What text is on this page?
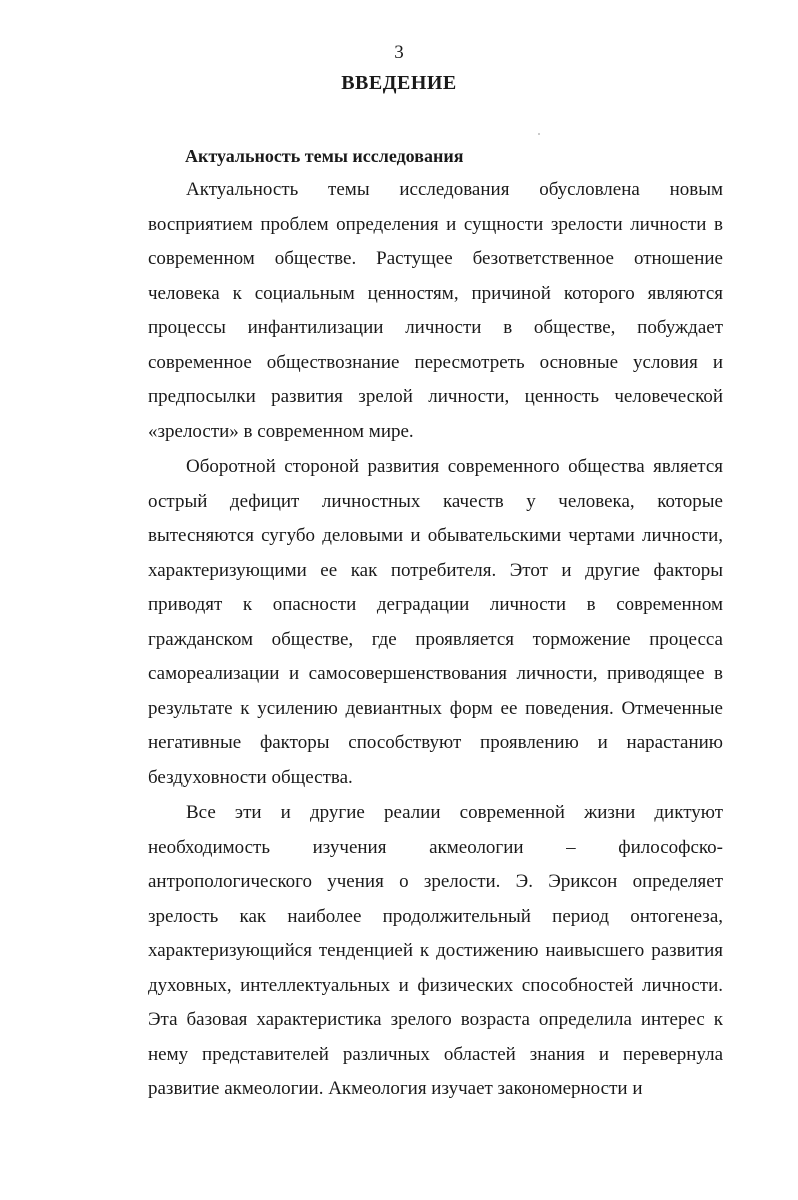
3
ВВЕДЕНИЕ
Актуальность темы исследования

Актуальность темы исследования обусловлена новым восприятием проблем определения и сущности зрелости личности в современном обществе. Растущее безответственное отношение человека к социальным ценностям, причиной которого являются процессы инфантилизации личности в обществе, побуждает современное обществознание пересмотреть основные условия и предпосылки развития зрелой личности, ценность человеческой «зрелости» в современном мире.

Оборотной стороной развития современного общества является острый дефицит личностных качеств у человека, которые вытесняются сугубо деловыми и обывательскими чертами личности, характеризующими ее как потребителя. Этот и другие факторы приводят к опасности деградации личности в современном гражданском обществе, где проявляется торможение процесса самореализации и самосовершенствования личности, приводящее в результате к усилению девиантных форм ее поведения. Отмеченные негативные факторы способствуют проявлению и нарастанию бездуховности общества.

Все эти и другие реалии современной жизни диктуют необходимость изучения акмеологии – философско-антропологического учения о зрелости. Э. Эриксон определяет зрелость как наиболее продолжительный период онтогенеза, характеризующийся тенденцией к достижению наивысшего развития духовных, интеллектуальных и физических способностей личности. Эта базовая характеристика зрелого возраста определила интерес к нему представителей различных областей знания и перевернула развитие акмеологии. Акмеология изучает закономерности и
